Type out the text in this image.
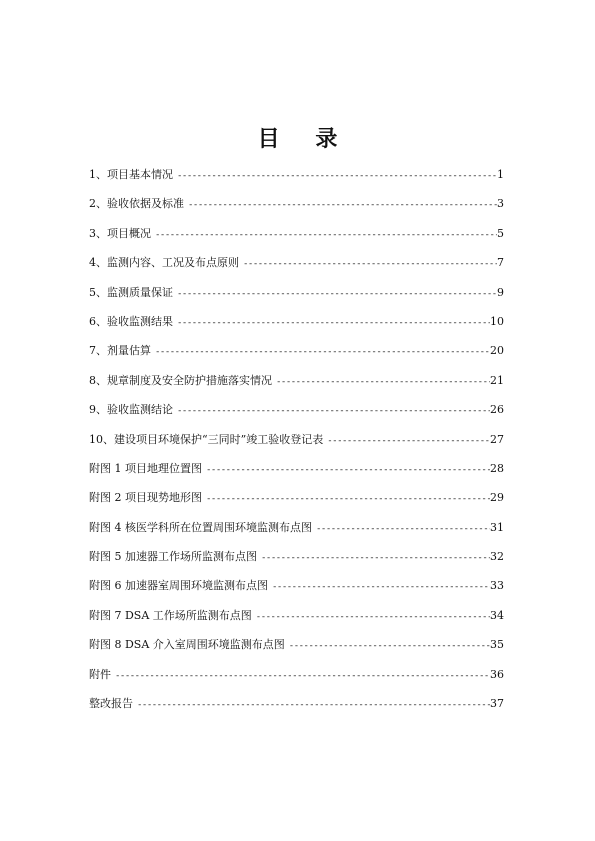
目 录
1、项目基本情况 -----	1
2、验收依据及标准 -----	3
3、项目概况 -----	5
4、监测内容、工况及布点原则 -----	7
5、监测质量保证 -----	9
6、验收监测结果 -----	10
7、剂量估算 -----	20
8、规章制度及安全防护措施落实情况 -----	21
9、验收监测结论 -----	26
10、建设项目环境保护“三同时”竣工验收登记表 -----	27
附图 1 项目地理位置图 -----	28
附图 2 项目现势地形图 -----	29
附图 4 核医学科所在位置周围环境监测布点图 -----	31
附图 5 加速器工作场所监测布点图 -----	32
附图 6 加速器室周围环境监测布点图 -----	33
附图 7 DSA 工作场所监测布点图 -----	34
附图 8 DSA 介入室周围环境监测布点图 -----	35
附件 -----	36
整改报告 -----	37
